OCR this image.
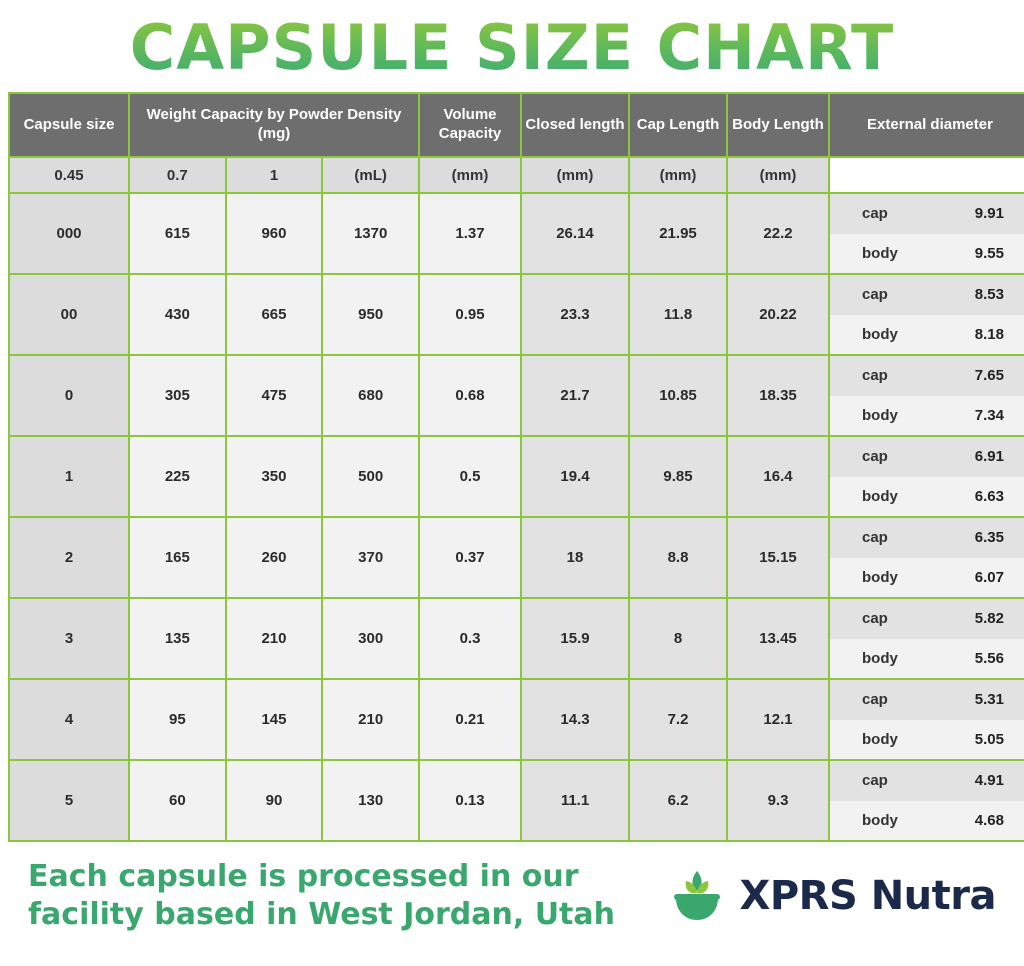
CAPSULE SIZE CHART
Capsule size	Weight Capacity by Powder Density (mg)			Volume Capacity	Closed length	Cap Length	Body Length	External diameter
0.45	0.7	1	(mL)	(mm)	(mm)	(mm)	(mm)	
000	615	960	1370	1.37	26.14	21.95	22.2	cap 9.91
body 9.55

00	430	665	950	0.95	23.3	11.8	20.22	cap 8.53
body 8.18

0	305	475	680	0.68	21.7	10.85	18.35	cap 7.65
body 7.34

1	225	350	500	0.5	19.4	9.85	16.4	cap 6.91
body 6.63

2	165	260	370	0.37	18	8.8	15.15	cap 6.35
body 6.07

3	135	210	300	0.3	15.9	8	13.45	cap 5.82
body 5.56

4	95	145	210	0.21	14.3	7.2	12.1	cap 5.31
body 5.05

5	60	90	130	0.13	11.1	6.2	9.3	cap 4.91
body 4.68
Each capsule is processed in our
facility based in West Jordan, Utah	XPRS Nutra
